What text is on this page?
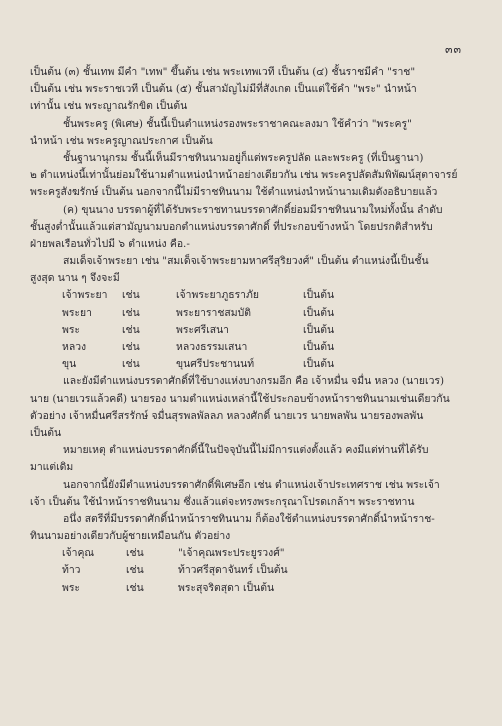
๓๓
เป็นต้น (๓) ชั้นเทพ มีคำ "เทพ" ขึ้นต้น เช่น พระเทพเวที เป็นต้น (๔) ชั้นราชมีคำ "ราช"
เป็นต้น เช่น พระราชเวที เป็นต้น (๕) ชั้นสามัญไม่มีที่สังเกต เป็นแต่ใช้คำ "พระ" นำหน้า
เท่านั้น เช่น พระญาณรักขิต เป็นต้น
ชั้นพระครู (พิเศษ) ชั้นนี้เป็นตำแหน่งรองพระราชาคณะลงมา ใช้คำว่า "พระครู"
นำหน้า เช่น พระครูญาณประกาศ เป็นต้น
ชั้นฐานานุกรม ชั้นนี้เห็นมีราชทินนามอยู่ก็แต่พระครูปลัด และพระครู (ที่เป็นฐานา)
๒ ตำแหน่งนี้เท่านั้นย่อมใช้นามตำแหน่งนำหน้าอย่างเดียวกัน เช่น พระครูปลัดสัมพิพัฒน์สุตาจารย์
พระครูสังฆรักษ์ เป็นต้น นอกจากนี้ไม่มีราชทินนาม ใช้ตำแหน่งนำหน้านามเดิมดังอธิบายแล้ว
(ค) ขุนนาง บรรดาผู้ที่ได้รับพระราชทานบรรดาศักดิ์ย่อมมีราชทินนามใหม่ทั้งนั้น ลำดับ
ชั้นสูงต่ำนั้นแล้วแต่สามัญนามบอกตำแหน่งบรรดาศักดิ์ ที่ประกอบข้างหน้า โดยปรกติสำหรับ
ฝ่ายพลเรือนทั่วไปมี ๖ ตำแหน่ง คือ.-
สมเด็จเจ้าพระยา เช่น "สมเด็จเจ้าพระยามหาศรีสุริยวงศ์" เป็นต้น ตำแหน่งนี้เป็นชั้น
สูงสุด นาน ๆ จึงจะมี
เจ้าพระยา	เช่น	เจ้าพระยาภูธราภัย	เป็นต้น
พระยา	เช่น	พระยาราชสมบัติ	เป็นต้น
พระ	เช่น	พระศรีเสนา	เป็นต้น
หลวง	เช่น	หลวงธรรมเสนา	เป็นต้น
ขุน	เช่น	ขุนศรีประชานนท์	เป็นต้น
และยังมีตำแหน่งบรรดาศักดิ์ที่ใช้บางแห่งบางกรมอีก คือ เจ้าหมื่น จมื่น หลวง (นายเวร)
นาย (นายเวรแล้วคดี) นายรอง นามตำแหน่งเหล่านี้ใช้ประกอบข้างหน้าราชทินนามเช่นเดียวกัน
ตัวอย่าง เจ้าหมื่นศรีสรรักษ์ จมื่นสุรพลพัลลภ หลวงศักดิ์ นายเวร นายพลพัน นายรองพลพัน
เป็นต้น
หมายเหตุ ตำแหน่งบรรดาศักดิ์นี้ในปัจจุบันนี้ไม่มีการแต่งตั้งแล้ว คงมีแต่ท่านที่ได้รับ
มาแต่เดิม
นอกจากนี้ยังมีตำแหน่งบรรดาศักดิ์พิเศษอีก เช่น ตำแหน่งเจ้าประเทศราช เช่น พระเจ้า
เจ้า เป็นต้น ใช้นำหน้าราชทินนาม ซึ่งแล้วแต่จะทรงพระกรุณาโปรดเกล้าฯ พระราชทาน
อนึ่ง สตรีที่มีบรรดาศักดิ์นำหน้าราชทินนาม ก็ต้องใช้ตำแหน่งบรรดาศักดิ์นำหน้าราช-
ทินนามอย่างเดียวกับผู้ชายเหมือนกัน ตัวอย่าง
เจ้าคุณ	เช่น	"เจ้าคุณพระประยูรวงศ์"
ท้าว	เช่น	ท้าวศรีสุดาจันทร์ เป็นต้น
พระ	เช่น	พระสุจริตสุดา เป็นต้น
